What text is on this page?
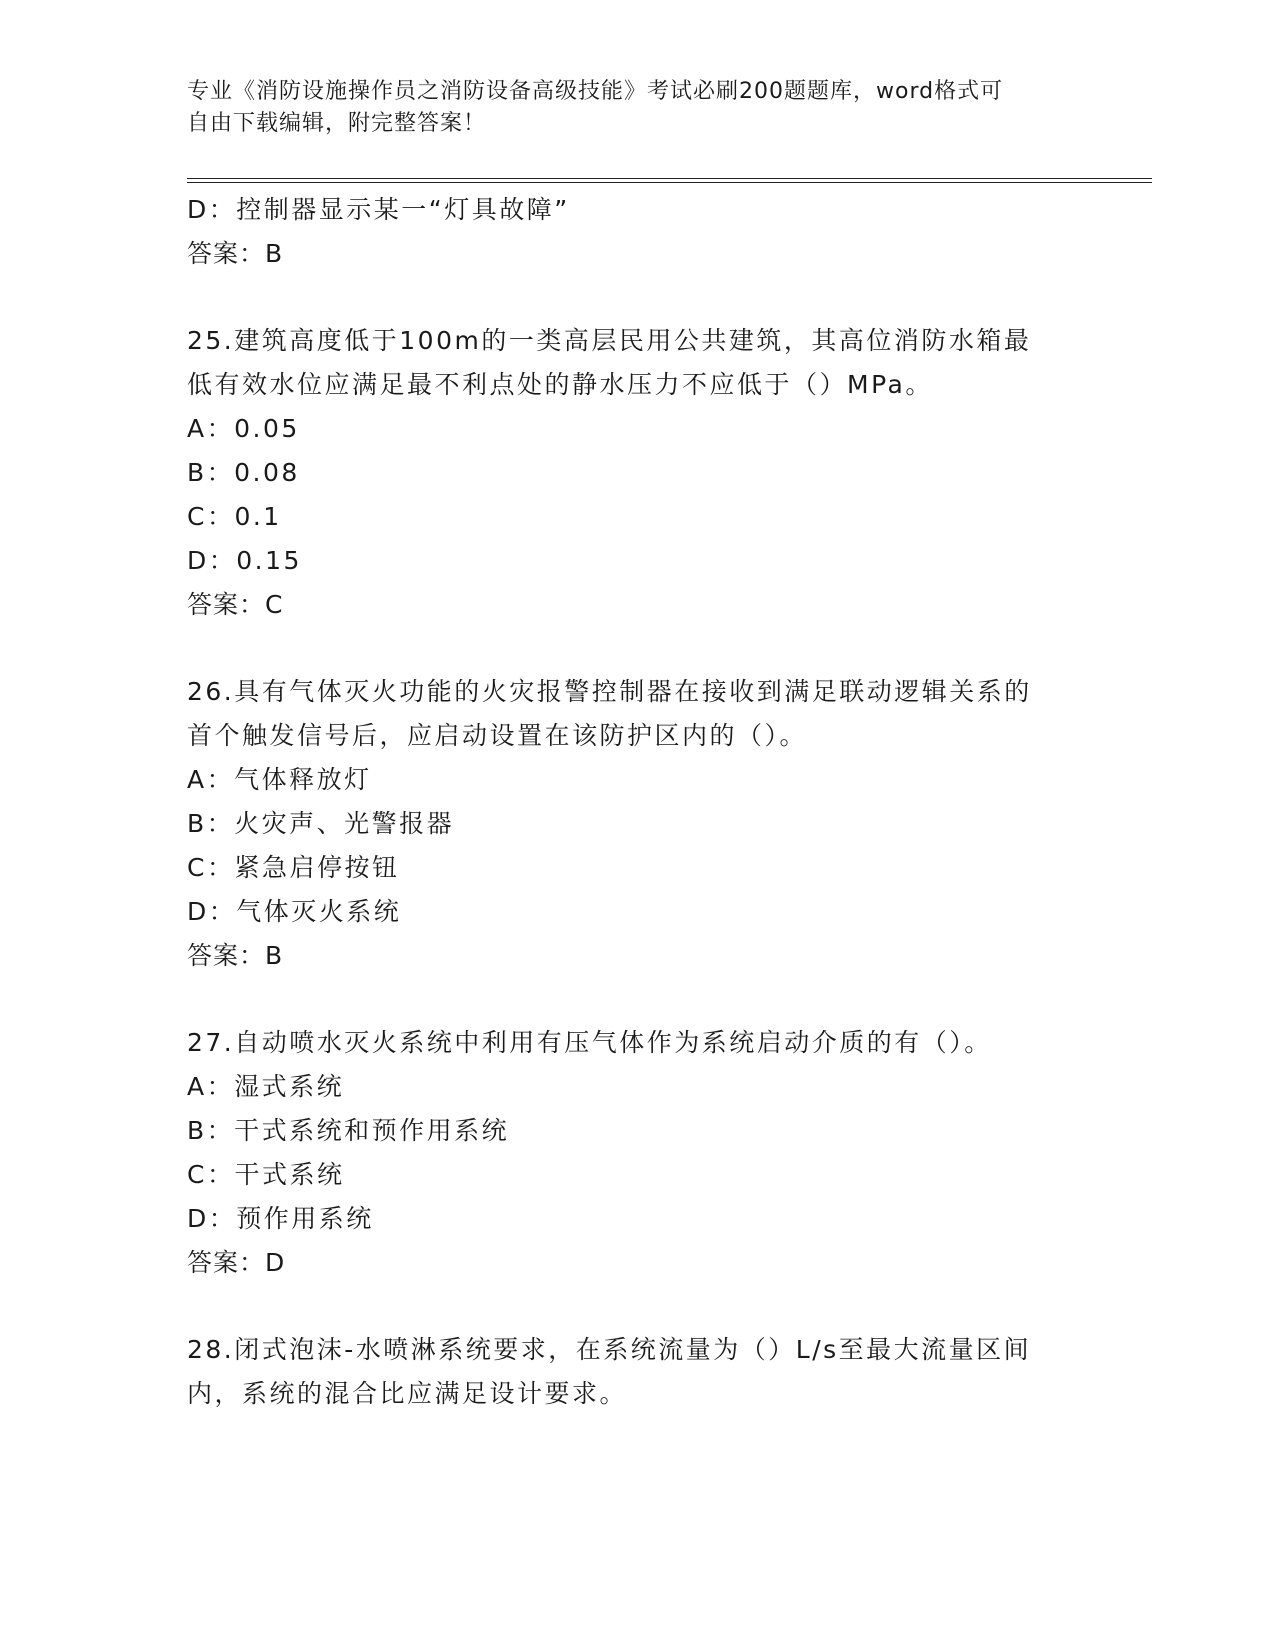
专业《消防设施操作员之消防设备高级技能》考试必刷200题题库，word格式可
自由下载编辑，附完整答案！
D：控制器显示某一“灯具故障”
答案：B
25.建筑高度低于100m的一类高层民用公共建筑，其高位消防水箱最
低有效水位应满足最不利点处的静水压力不应低于（）MPa。
A：0.05
B：0.08
C：0.1
D：0.15
答案：C
26.具有气体灭火功能的火灾报警控制器在接收到满足联动逻辑关系的
首个触发信号后，应启动设置在该防护区内的（）。
A：气体释放灯
B：火灾声、光警报器
C：紧急启停按钮
D：气体灭火系统
答案：B
27.自动喷水灭火系统中利用有压气体作为系统启动介质的有（）。
A：湿式系统
B：干式系统和预作用系统
C：干式系统
D：预作用系统
答案：D
28.闭式泡沫-水喷淋系统要求，在系统流量为（）L/s至最大流量区间
内，系统的混合比应满足设计要求。
